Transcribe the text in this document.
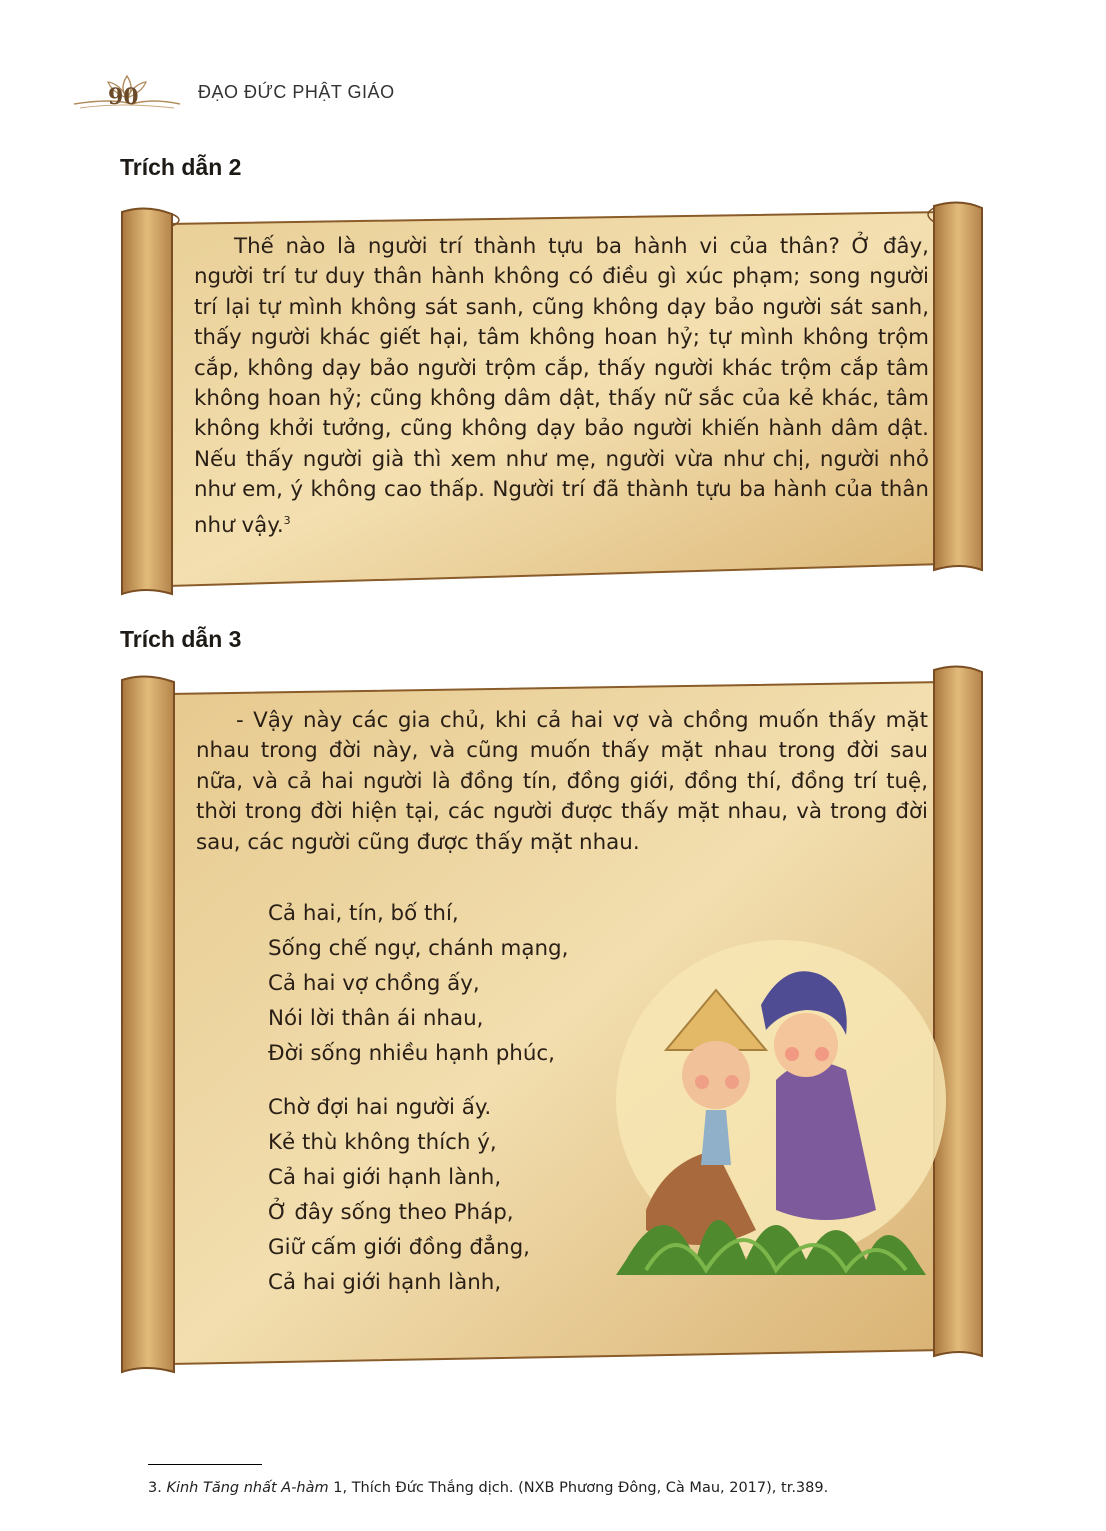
90	ĐẠO ĐỨC PHẬT GIÁO
Trích dẫn 2

Thế nào là người trí thành tựu ba hành vi của thân? Ở đây, người trí tư duy thân hành không có điều gì xúc phạm; song người trí lại tự mình không sát sanh, cũng không dạy bảo người sát sanh, thấy người khác giết hại, tâm không hoan hỷ; tự mình không trộm cắp, không dạy bảo người trộm cắp, thấy người khác trộm cắp tâm không hoan hỷ; cũng không dâm dật, thấy nữ sắc của kẻ khác, tâm không khởi tưởng, cũng không dạy bảo người khiến hành dâm dật. Nếu thấy người già thì xem như mẹ, người vừa như chị, người nhỏ như em, ý không cao thấp. Người trí đã thành tựu ba hành của thân như vậy.$^3$

Trích dẫn 3

- Vậy này các gia chủ, khi cả hai vợ và chồng muốn thấy mặt nhau trong đời này, và cũng muốn thấy mặt nhau trong đời sau nữa, và cả hai người là đồng tín, đồng giới, đồng thí, đồng trí tuệ, thời trong đời hiện tại, các người được thấy mặt nhau, và trong đời sau, các người cũng được thấy mặt nhau.

Cả hai, tín, bố thí,
Sống chế ngự, chánh mạng,
Cả hai vợ chồng ấy,
Nói lời thân ái nhau,
Đời sống nhiều hạnh phúc,
Chờ đợi hai người ấy.
Kẻ thù không thích ý,
Cả hai giới hạnh lành,
Ở đây sống theo Pháp,
Giữ cấm giới đồng đẳng,
Cả hai giới hạnh lành,
3. Kinh Tăng nhất A-hàm 1, Thích Đức Thắng dịch. (NXB Phương Đông, Cà Mau, 2017), tr.389.
